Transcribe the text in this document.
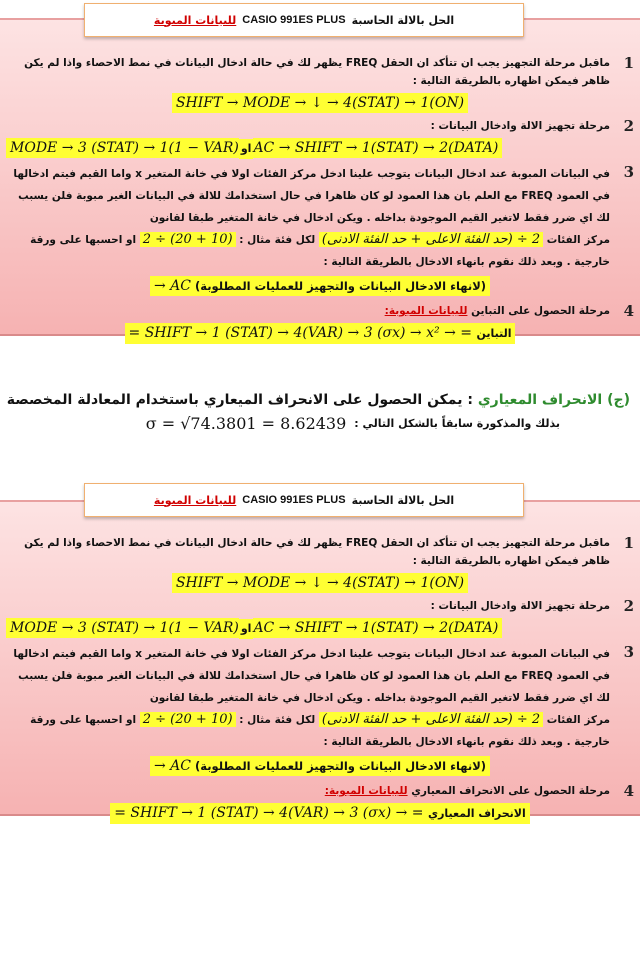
الحل بالالة الحاسبة
CASIO 991ES PLUS
للبيانات المبوبة
1
ماقبل مرحلة التجهيز يجب ان تتأكد ان الحقل FREQ يظهر لك في حالة ادخال البيانات في نمط الاحصاء واذا لم يكن ظاهر فيمكن اظهاره بالطريقة التالية :
SHIFT → MODE → ↓ → 4(STAT) → 1(ON)
2
مرحلة تجهيز الالة وادخال البيانات :
MODE → 3 (STAT) → 1(1 − VAR) او AC → SHIFT → 1(STAT) → 2(DATA)
3
في البيانات المبوبة عند ادخال البيانات يتوجب علينا ادخل مركز الفئات اولا في خانة المتغير x واما القيم فيتم ادخالها في العمود FREQ مع العلم بان هذا العمود لو كان ظاهرا في حال استخدامك للالة في البيانات الغير مبوبة فلن يسبب لك اي ضرر فقط لاتغير القيم الموجودة بداخله . ويكن ادخال في خانة المتغير طبقا لقانون
مركز الفئات 2 ÷ (حد الفئة الاعلى + حد الفئة الادنى) لكل فئة مثال : 2 ÷ (20 + 10) او احسبها على ورقة خارجية . وبعد ذلك نقوم بانهاء الادخال بالطريقة التالية :
(لانهاء الادخال البيانات والتجهيز للعمليات المطلوبة) → AC
4
مرحلة الحصول على التباين للبيانات المبوبة:
التباين = SHIFT → 1 (STAT) → 4(VAR) → 3 (σx) → x² → =
(ج) الانحراف المعياري : يمكن الحصول على الانحراف الميعاري باستخدام المعادلة المخصصة
بذلك والمذكورة سابقاً بالشكل التالي :
σ = √74.3801 = 8.62439
الحل بالالة الحاسبة
CASIO 991ES PLUS
للبيانات المبوبة
1
ماقبل مرحلة التجهيز يجب ان تتأكد ان الحقل FREQ يظهر لك في حالة ادخال البيانات في نمط الاحصاء واذا لم يكن ظاهر فيمكن اظهاره بالطريقة التالية :
SHIFT → MODE → ↓ → 4(STAT) → 1(ON)
2
مرحلة تجهيز الالة وادخال البيانات :
MODE → 3 (STAT) → 1(1 − VAR) او AC → SHIFT → 1(STAT) → 2(DATA)
3
في البيانات المبوبة عند ادخال البيانات يتوجب علينا ادخل مركز الفئات اولا في خانة المتغير x واما القيم فيتم ادخالها في العمود FREQ مع العلم بان هذا العمود لو كان ظاهرا في حال استخدامك للالة في البيانات الغير مبوبة فلن يسبب لك اي ضرر فقط لاتغير القيم الموجودة بداخله . ويكن ادخال في خانة المتغير طبقا لقانون
مركز الفئات 2 ÷ (حد الفئة الاعلى + حد الفئة الادنى) لكل فئة مثال : 2 ÷ (20 + 10) او احسبها على ورقة خارجية . وبعد ذلك نقوم بانهاء الادخال بالطريقة التالية :
(لانهاء الادخال البيانات والتجهيز للعمليات المطلوبة) → AC
4
مرحلة الحصول على الانحراف المعياري للبيانات المبوبة:
الانحراف المعياري = SHIFT → 1 (STAT) → 4(VAR) → 3 (σx) → =
